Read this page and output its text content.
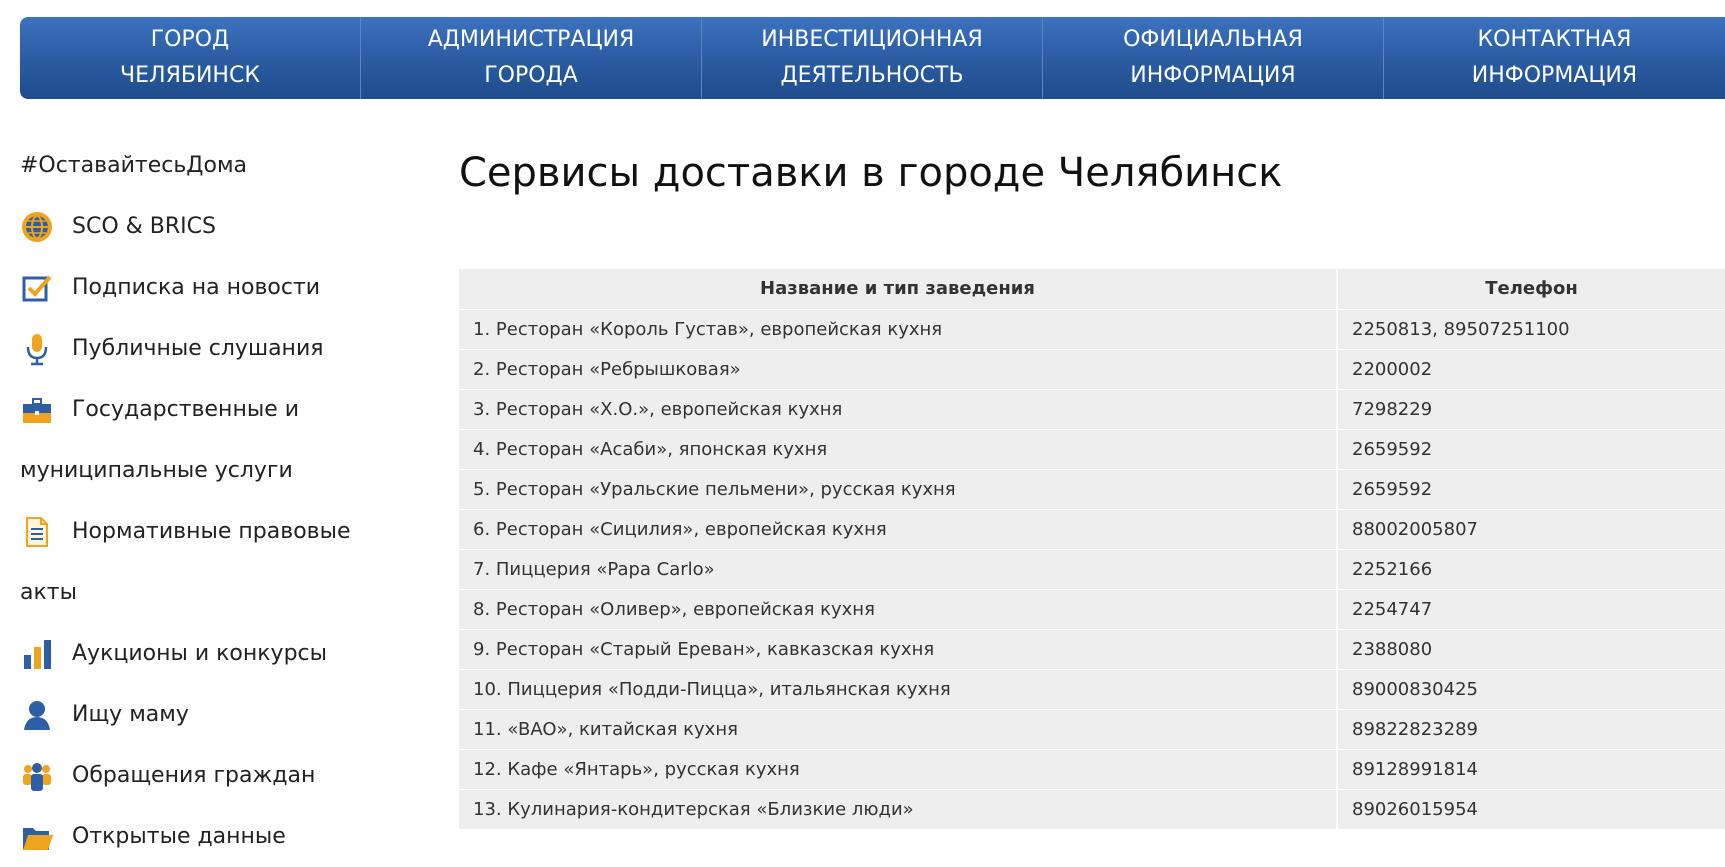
ГОРОД
ЧЕЛЯБИНСК
АДМИНИСТРАЦИЯ
ГОРОДА
ИНВЕСТИЦИОННАЯ
ДЕЯТЕЛЬНОСТЬ
ОФИЦИАЛЬНАЯ
ИНФОРМАЦИЯ
КОНТАКТНАЯ
ИНФОРМАЦИЯ
#ОставайтесьДома
SCO & BRICS
Подписка на новости
Публичные слушания
Государственные и
муниципальные услуги
Нормативные правовые
акты
Аукционы и конкурсы
Ищу маму
Обращения граждан
Открытые данные
Сервисы доставки в городе Челябинск
Название и тип заведения	Телефон
1. Ресторан «Король Густав», европейская кухня	2250813, 89507251100
2. Ресторан «Ребрышковая»	2200002
3. Ресторан «Х.О.», европейская кухня	7298229
4. Ресторан «Асаби», японская кухня	2659592
5. Ресторан «Уральские пельмени», русская кухня	2659592
6. Ресторан «Сицилия», европейская кухня	88002005807
7. Пиццерия «Papa Carlo»	2252166
8. Ресторан «Оливер», европейская кухня	2254747
9. Ресторан «Старый Ереван», кавказская кухня	2388080
10. Пиццерия «Подди-Пицца», итальянская кухня	89000830425
11. «BAO», китайская кухня	89822823289
12. Кафе «Янтарь», русская кухня	89128991814
13. Кулинария-кондитерская «Близкие люди»	89026015954
